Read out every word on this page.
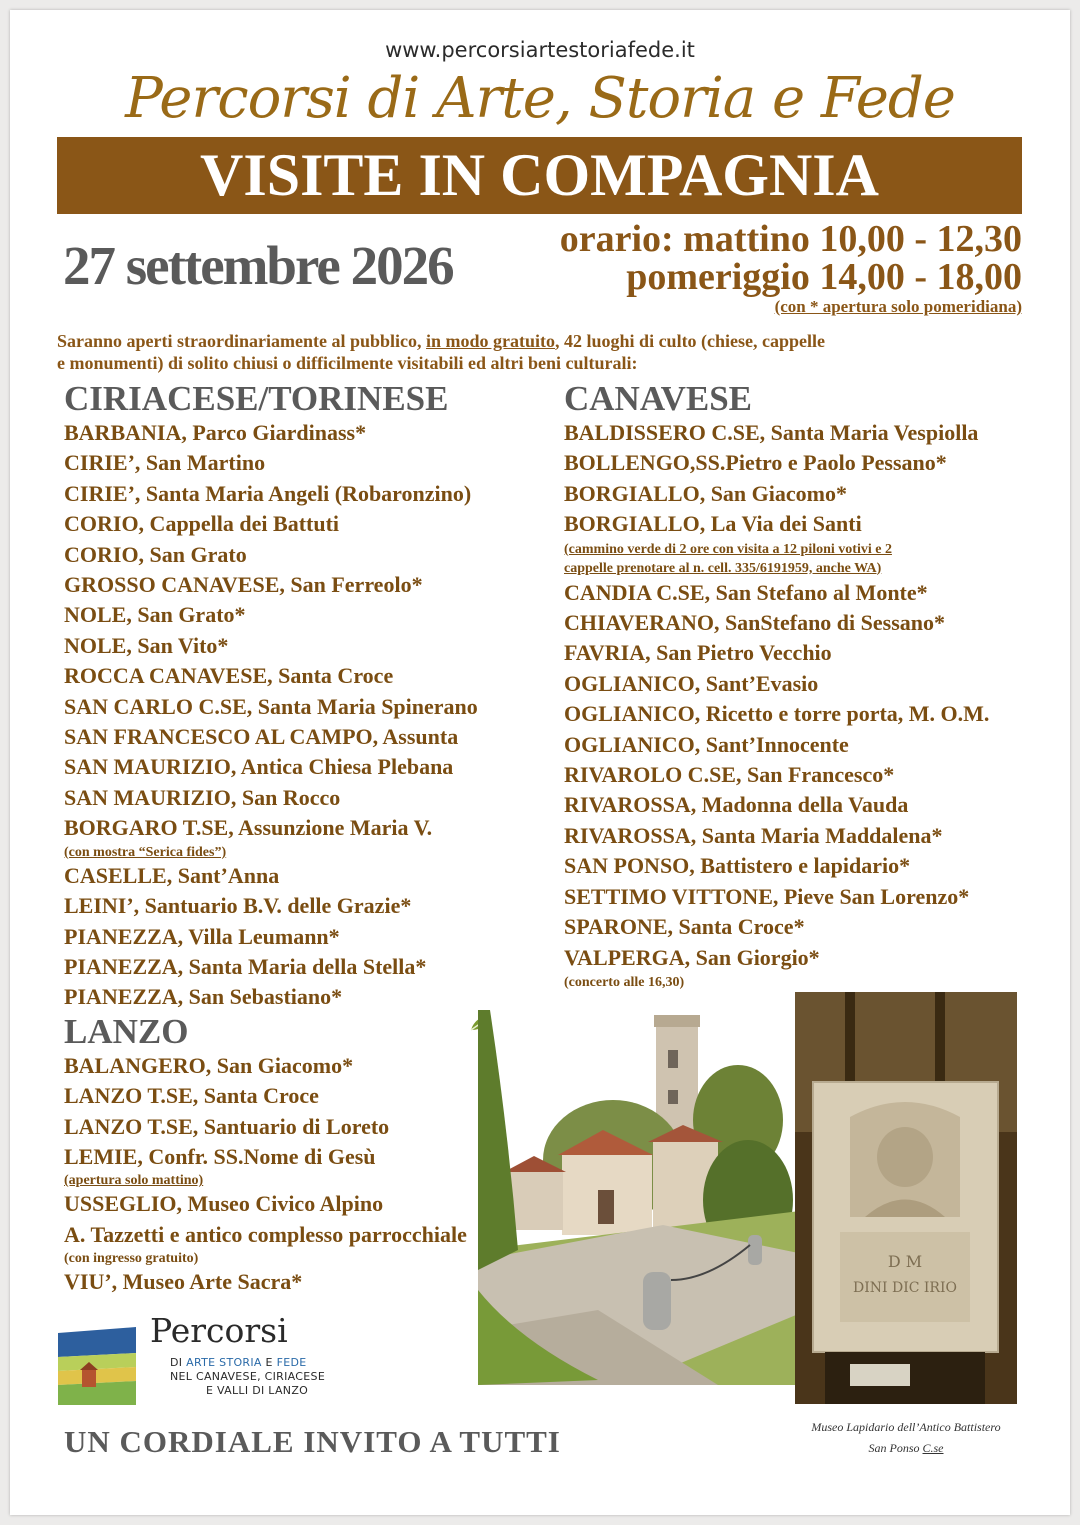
www.percorsiartestoriafede.it
Percorsi di Arte, Storia e Fede
VISITE IN COMPAGNIA
27 settembre 2026	orario: mattino 10,00 - 12,30
pomeriggio 14,00 - 18,00
(con * apertura solo pomeridiana)
Saranno aperti straordinariamente al pubblico, in modo gratuito, 42 luoghi di culto (chiese, cappelle
e monumenti) di solito chiusi o difficilmente visitabili ed altri beni culturali:
CIRIACESE/TORINESE
BARBANIA, Parco Giardinass*
CIRIE’, San Martino
CIRIE’, Santa Maria Angeli (Robaronzino)
CORIO, Cappella dei Battuti
CORIO, San Grato
GROSSO CANAVESE, San Ferreolo*
NOLE, San Grato*
NOLE, San Vito*
ROCCA CANAVESE, Santa Croce
SAN CARLO C.SE, Santa Maria Spinerano
SAN FRANCESCO AL CAMPO, Assunta
SAN MAURIZIO, Antica Chiesa Plebana
SAN MAURIZIO, San Rocco
BORGARO T.SE, Assunzione Maria V.
(con mostra “Serica fides”)
CASELLE, Sant’Anna
LEINI’, Santuario B.V. delle Grazie*
PIANEZZA, Villa Leumann*
PIANEZZA, Santa Maria della Stella*
PIANEZZA, San Sebastiano*
LANZO
BALANGERO, San Giacomo*
LANZO T.SE, Santa Croce
LANZO T.SE, Santuario di Loreto
LEMIE, Confr. SS.Nome di Gesù
(apertura solo mattino)
USSEGLIO, Museo Civico Alpino
A. Tazzetti e antico complesso parrocchiale
(con ingresso gratuito)
VIU’, Museo Arte Sacra*
CANAVESE
BALDISSERO C.SE, Santa Maria Vespiolla
BOLLENGO,SS.Pietro e Paolo Pessano*
BORGIALLO, San Giacomo*
BORGIALLO, La Via dei Santi
(cammino verde di 2 ore con visita a 12 piloni votivi e 2
cappelle prenotare al n. cell. 335/6191959, anche WA)
CANDIA C.SE, San Stefano al Monte*
CHIAVERANO, SanStefano di Sessano*
FAVRIA, San Pietro Vecchio
OGLIANICO, Sant’Evasio
OGLIANICO, Ricetto e torre porta, M. O.M.
OGLIANICO, Sant’Innocente
RIVAROLO C.SE, San Francesco*
RIVAROSSA, Madonna della Vauda
RIVAROSSA, Santa Maria Maddalena*
SAN PONSO, Battistero e lapidario*
SETTIMO VITTONE, Pieve San Lorenzo*
SPARONE, Santa Croce*
VALPERGA, San Giorgio*
(concerto alle 16,30)
D M
DINI DIC IRIO
Museo Lapidario dell’Antico Battistero
San Ponso C.se
Percorsi
DI ARTE STORIA E FEDE
NEL CANAVESE, CIRIACESE
E VALLI DI LANZO
UN CORDIALE INVITO A TUTTI
